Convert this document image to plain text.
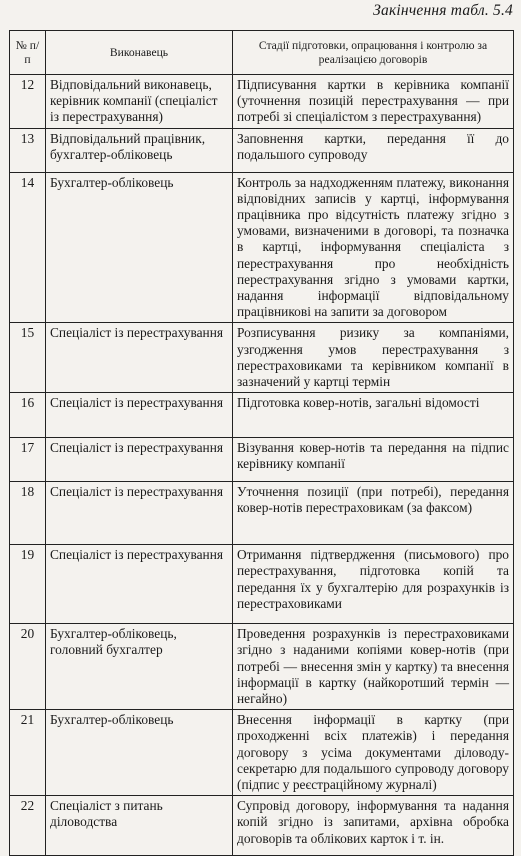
Закінчення табл. 5.4
№ п/п	Виконавець	Стадії підготовки, опрацювання і контролю за реалізацією договорів
12	Відповідальний виконавець, керівник компанії (спеціаліст із перестрахування)	Підписування картки в керівника компанії (уточнення позицій перестрахування — при потребі зі спеціалістом з перестрахування)
13	Відповідальний працівник, бухгалтер-обліковець	Заповнення картки, передання її до подальшого супроводу
14	Бухгалтер-обліковець	Контроль за надходженням платежу, виконання відповідних записів у картці, інформування працівника про відсутність платежу згідно з умовами, визначеними в договорі, та позначка в картці, інформування спеціаліста з перестрахування про необхідність перестрахування згідно з умовами картки, надання інформації відповідальному працівникові на запити за договором
15	Спеціаліст із перестрахування	Розписування ризику за компаніями, узгодження умов перестрахування з перестраховиками та керівником компанії в зазначений у картці термін
16	Спеціаліст із перестрахування	Підготовка ковер-нотів, загальні відомості
17	Спеціаліст із перестрахування	Візування ковер-нотів та передання на підпис керівнику компанії
18	Спеціаліст із перестрахування	Уточнення позиції (при потребі), передання ковер-нотів перестраховикам (за факсом)
19	Спеціаліст із перестрахування	Отримання підтвердження (письмового) про перестрахування, підготовка копій та передання їх у бухгалтерію для розрахунків із перестраховиками
20	Бухгалтер-обліковець, головний бухгалтер	Проведення розрахунків із перестраховиками згідно з наданими копіями ковер-нотів (при потребі — внесення змін у картку) та внесення інформації в картку (найкоротший термін — негайно)
21	Бухгалтер-обліковець	Внесення інформації в картку (при проходженні всіх платежів) і передання договору з усіма документами діловоду-секретарю для подальшого супроводу договору (підпис у реєстраційному журналі)
22	Спеціаліст з питань діловодства	Супровід договору, інформування та надання копій згідно із запитами, архівна обробка договорів та облікових карток і т. ін.
